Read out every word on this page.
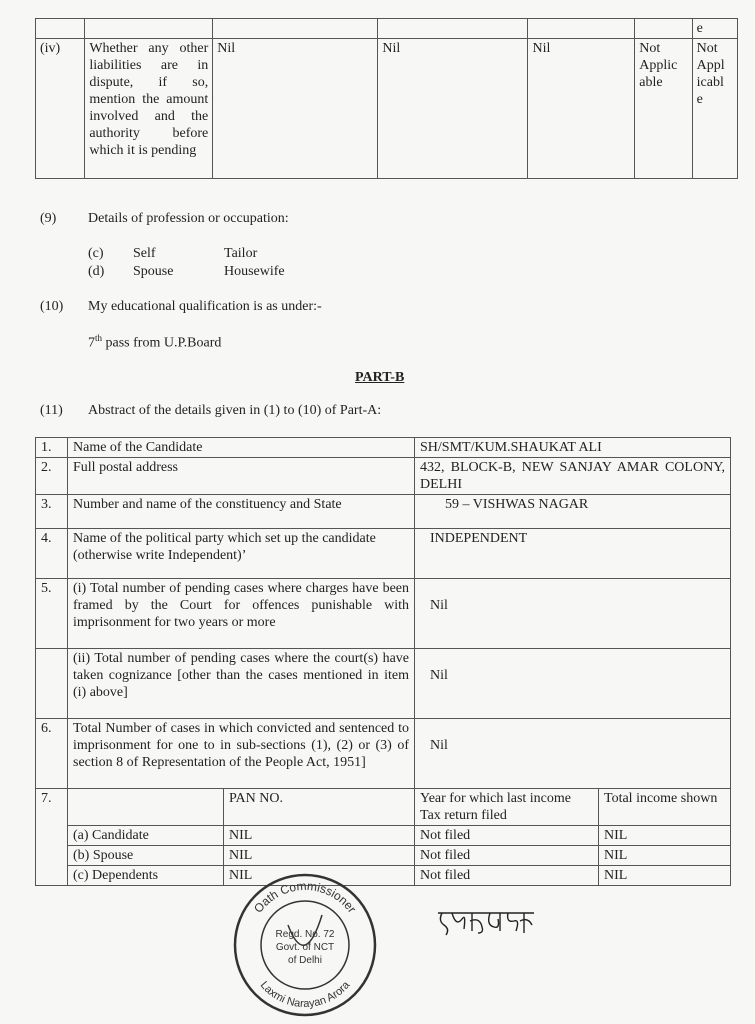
						e
(iv)	Whether any other liabilities are in dispute, if so, mention the amount involved and the authority before which it is pending	Nil	Nil	Nil	Not Applic able	Not Appl icabl e
(9) Details of profession or occupation:
(c) Self	Tailor
(d) Spouse	Housewife
(10) My educational qualification is as under:-
7th pass from U.P.Board
PART-B
(11) Abstract of the details given in (1) to (10) of Part-A:
1.	Name of the Candidate		SH/SMT/KUM.SHAUKAT ALI	
2.	Full postal address		432, BLOCK-B, NEW SANJAY AMAR COLONY, DELHI	
3.	Number and name of the constituency and State		59 – VISHWAS NAGAR	
4.	Name of the political party which set up the candidate (otherwise write Independent)’		INDEPENDENT	
5.	(i) Total number of pending cases where charges have been framed by the Court for offences punishable with imprisonment for two years or more		Nil	
	(ii) Total number of pending cases where the court(s) have taken cognizance [other than the cases mentioned in item (i) above]		Nil	
6.	Total Number of cases in which convicted and sentenced to imprisonment for one to in sub-sections (1), (2) or (3) of section 8 of Representation of the People Act, 1951]		Nil	
7.		PAN NO.	Year for which last income Tax return filed	Total income shown
	(a) Candidate	NIL	Not filed	NIL
	(b) Spouse	NIL	Not filed	NIL
	(c) Dependents	NIL	Not filed	NIL
Oath Commissioner
Laxmi Narayan Arora
Regd. No. 72
Govt. of NCT
of Delhi
